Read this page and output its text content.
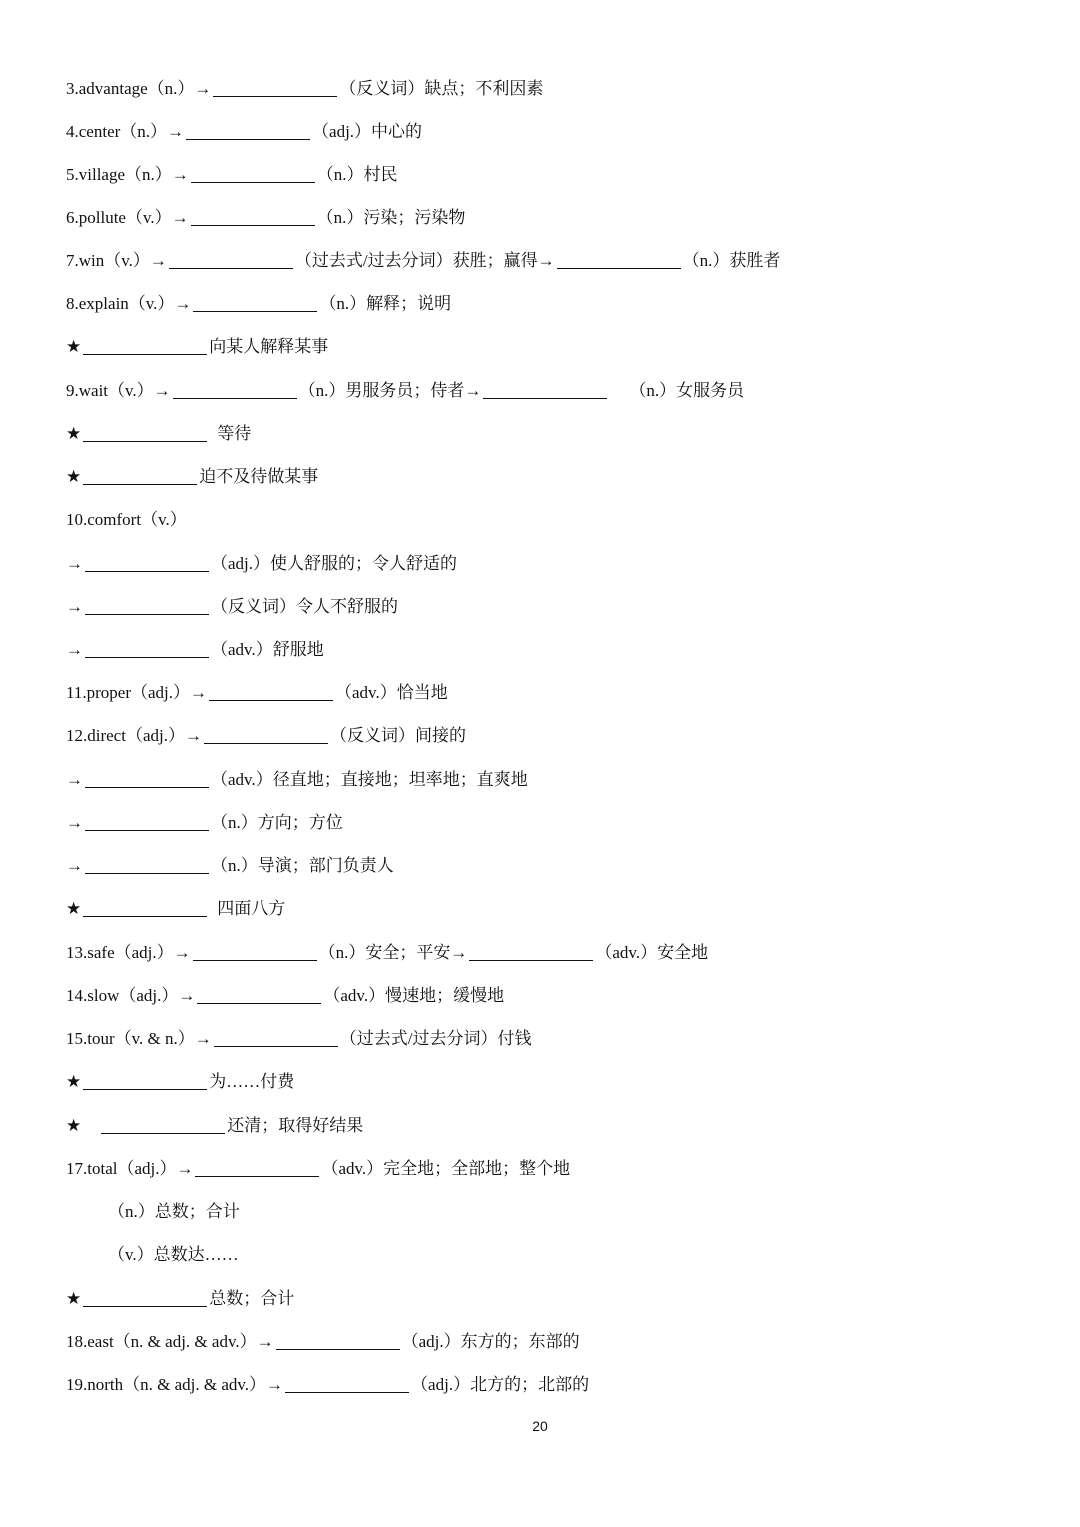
3.advantage（n.）→	（反义词）缺点；不利因素
4.center（n.）→	（adj.）中心的
5.village（n.）→	（n.）村民
6.pollute（v.）→	（n.）污染；污染物
7.win（v.）→	（过去式/过去分词）获胜；赢得→	（n.）获胜者
8.explain（v.）→	（n.）解释；说明
★	向某人解释某事
9.wait（v.）→	（n.）男服务员；侍者→	（n.）女服务员
★	等待
★	迫不及待做某事
10.comfort（v.）
→	（adj.）使人舒服的；令人舒适的
→	（反义词）令人不舒服的
→	（adv.）舒服地
11.proper（adj.）→	（adv.）恰当地
12.direct（adj.）→	（反义词）间接的
→	（adv.）径直地；直接地；坦率地；直爽地
→	（n.）方向；方位
→	（n.）导演；部门负责人
★	四面八方
13.safe（adj.）→	（n.）安全；平安→	（adv.）安全地
14.slow（adj.）→	（adv.）慢速地；缓慢地
15.tour（v. & n.）→	（过去式/过去分词）付钱
★	为……付费
★	还清；取得好结果
17.total（adj.）→	（adv.）完全地；全部地；整个地
（n.）总数；合计
（v.）总数达……
★	总数；合计
18.east（n. & adj. & adv.）→	（adj.）东方的；东部的
19.north（n. & adj. & adv.）→	（adj.）北方的；北部的
20
